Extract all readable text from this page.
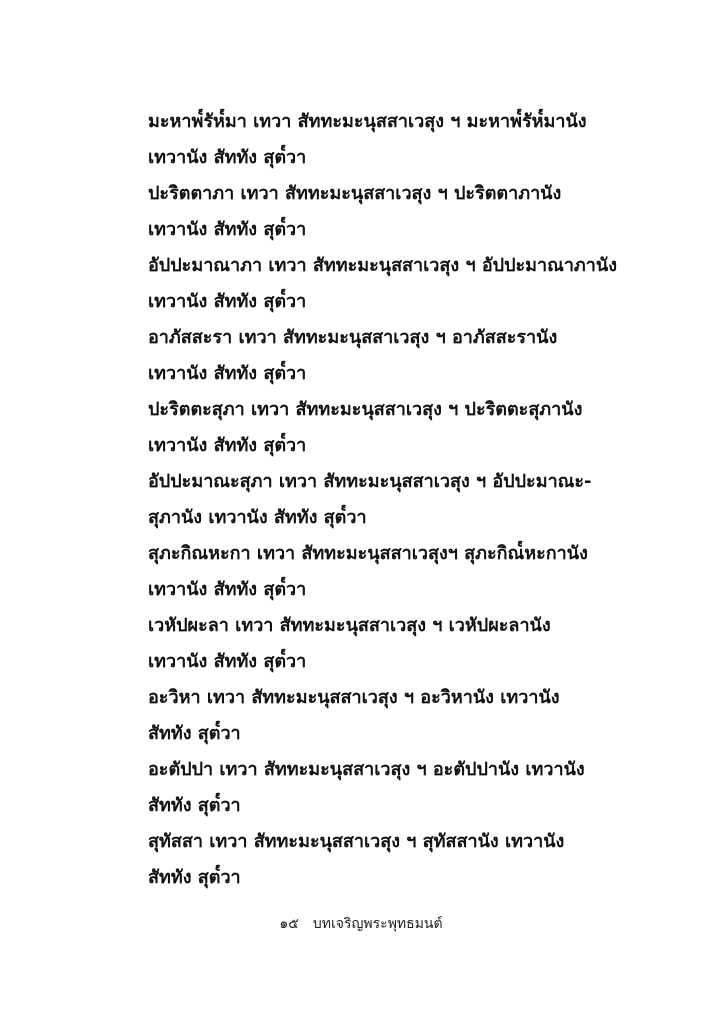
มะหาพ๎รัห๎มา เทวา สัททะมะนุสสาเวสุง ฯ มะหาพ๎รัห๎มานัง
เทวานัง สัททัง สุต๎วา
ปะริตตาภา เทวา สัททะมะนุสสาเวสุง ฯ ปะริตตาภานัง
เทวานัง สัททัง สุต๎วา
อัปปะมาณาภา เทวา สัททะมะนุสสาเวสุง ฯ อัปปะมาณาภานัง
เทวานัง สัททัง สุต๎วา
อาภัสสะรา เทวา สัททะมะนุสสาเวสุง ฯ อาภัสสะรานัง
เทวานัง สัททัง สุต๎วา
ปะริตตะสุภา เทวา สัททะมะนุสสาเวสุง ฯ ปะริตตะสุภานัง
เทวานัง สัททัง สุต๎วา
อัปปะมาณะสุภา เทวา สัททะมะนุสสาเวสุง ฯ อัปปะมาณะ-
สุภานัง เทวานัง สัททัง สุต๎วา
สุภะกิณหะกา เทวา สัททะมะนุสสาเวสุงฯ สุภะกิณ๎หะกานัง
เทวานัง สัททัง สุต๎วา
เวหัปผะลา เทวา สัททะมะนุสสาเวสุง ฯ เวหัปผะลานัง
เทวานัง สัททัง สุต๎วา
อะวิหา เทวา สัททะมะนุสสาเวสุง ฯ อะวิหานัง เทวานัง
สัททัง สุต๎วา
อะตัปปา เทวา สัททะมะนุสสาเวสุง ฯ อะตัปปานัง เทวานัง
สัททัง สุต๎วา
สุทัสสา เทวา สัททะมะนุสสาเวสุง ฯ สุทัสสานัง เทวานัง
สัททัง สุต๎วา
๑๕ บทเจริญพระพุทธมนต์
